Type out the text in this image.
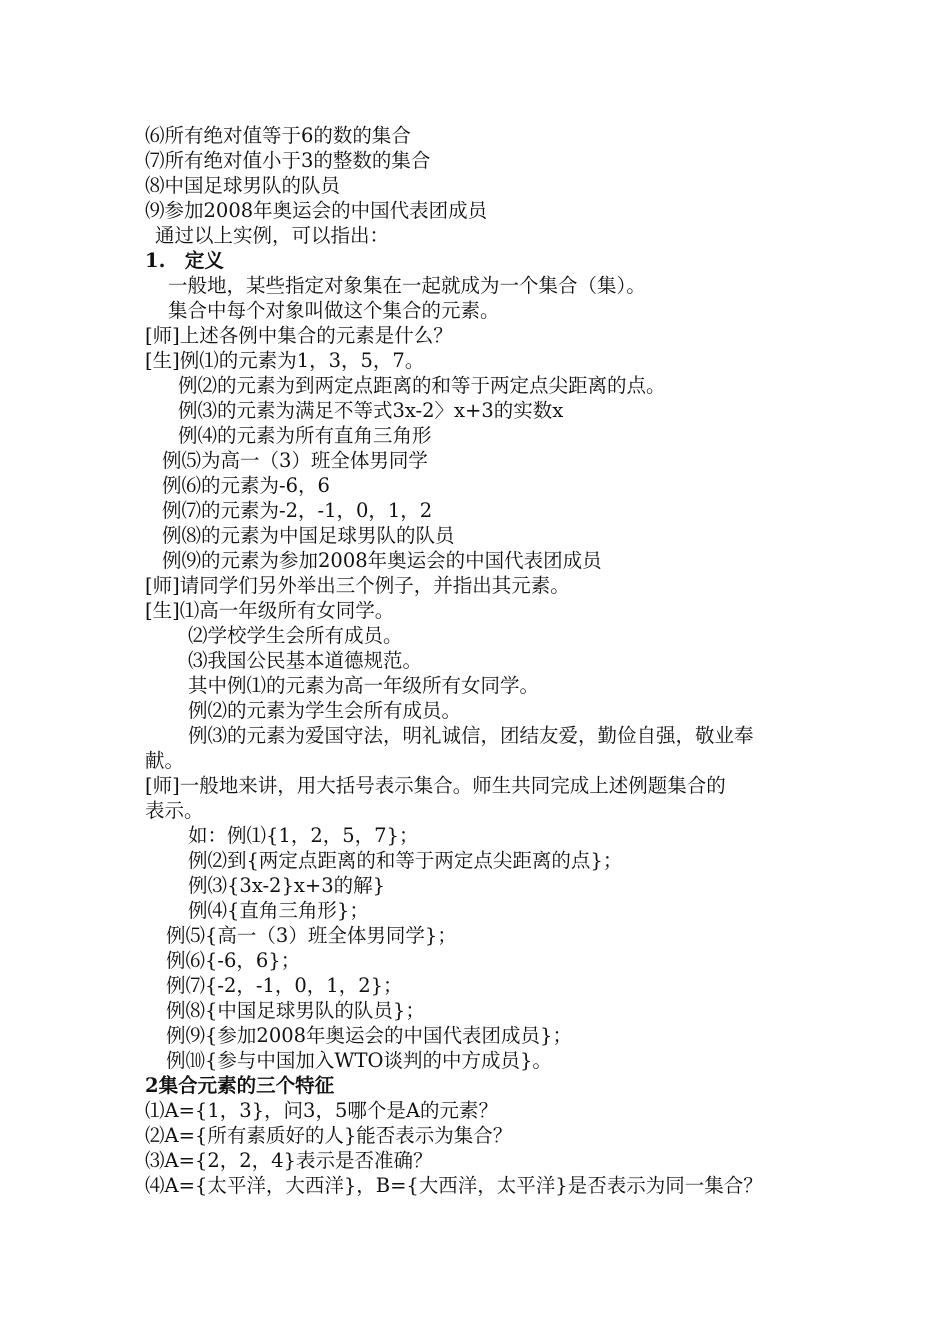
⑹所有绝对值等于6的数的集合
⑺所有绝对值小于3的整数的集合
⑻中国足球男队的队员
⑼参加2008年奥运会的中国代表团成员
通过以上实例，可以指出：
1.　定义
一般地，某些指定对象集在一起就成为一个集合（集）。
集合中每个对象叫做这个集合的元素。
[师]上述各例中集合的元素是什么？
[生]例⑴的元素为1，3，5，7。
例⑵的元素为到两定点距离的和等于两定点尖距离的点。
例⑶的元素为满足不等式3x-2〉x+3的实数x
例⑷的元素为所有直角三角形
例⑸为高一（3）班全体男同学
例⑹的元素为-6，6
例⑺的元素为-2，-1，0，1，2
例⑻的元素为中国足球男队的队员
例⑼的元素为参加2008年奥运会的中国代表团成员
[师]请同学们另外举出三个例子，并指出其元素。
[生]⑴高一年级所有女同学。
⑵学校学生会所有成员。
⑶我国公民基本道德规范。
其中例⑴的元素为高一年级所有女同学。
例⑵的元素为学生会所有成员。
例⑶的元素为爱国守法，明礼诚信，团结友爱，勤俭自强，敬业奉
献。
[师]一般地来讲，用大括号表示集合。师生共同完成上述例题集合的
表示。
如：例⑴{1，2，5，7}；
例⑵到{两定点距离的和等于两定点尖距离的点}；
例⑶{3x-2}x+3的解}
例⑷{直角三角形}；
例⑸{高一（3）班全体男同学}；
例⑹{-6，6}；
例⑺{-2，-1，0，1，2}；
例⑻{中国足球男队的队员}；
例⑼{参加2008年奥运会的中国代表团成员}；
例⑽{参与中国加入WTO谈判的中方成员}。
2集合元素的三个特征
⑴A={1，3}，问3，5哪个是A的元素？
⑵A={所有素质好的人}能否表示为集合？
⑶A={2，2，4}表示是否准确？
⑷A={太平洋，大西洋}，B={大西洋，太平洋}是否表示为同一集合？
